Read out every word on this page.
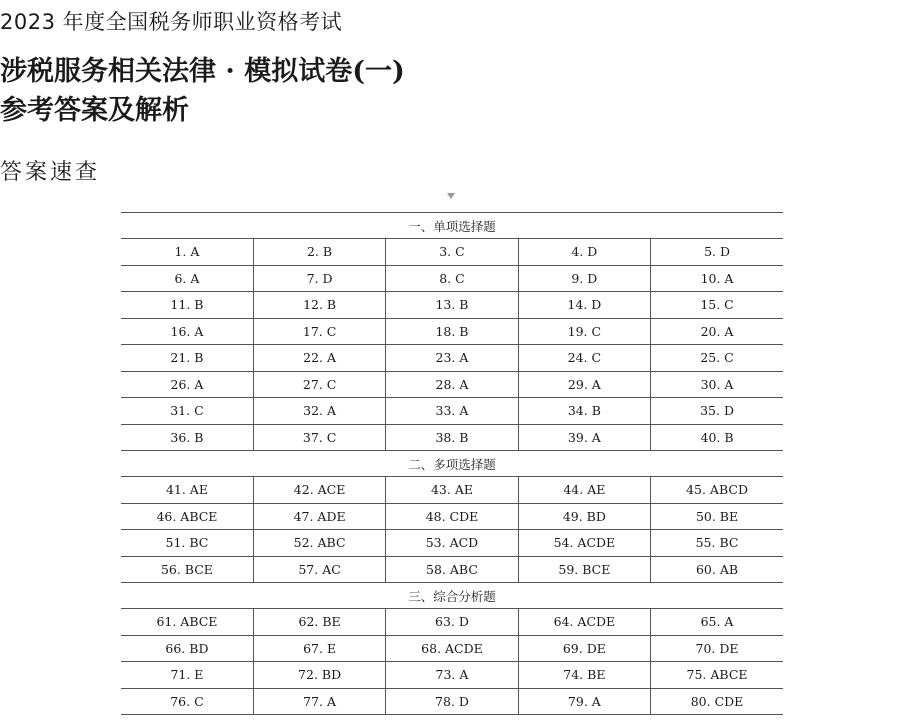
2023 年度全国税务师职业资格考试
涉税服务相关法律 · 模拟试卷(一)
参考答案及解析
答案速查
一、单项选择题				
1. A	2. B	3. C	4. D	5. D
6. A	7. D	8. C	9. D	10. A
11. B	12. B	13. B	14. D	15. C
16. A	17. C	18. B	19. C	20. A
21. B	22. A	23. A	24. C	25. C
26. A	27. C	28. A	29. A	30. A
31. C	32. A	33. A	34. B	35. D
36. B	37. C	38. B	39. A	40. B
二、多项选择题				
41. AE	42. ACE	43. AE	44. AE	45. ABCD
46. ABCE	47. ADE	48. CDE	49. BD	50. BE
51. BC	52. ABC	53. ACD	54. ACDE	55. BC
56. BCE	57. AC	58. ABC	59. BCE	60. AB
三、综合分析题				
61. ABCE	62. BE	63. D	64. ACDE	65. A
66. BD	67. E	68. ACDE	69. DE	70. DE
71. E	72. BD	73. A	74. BE	75. ABCE
76. C	77. A	78. D	79. A	80. CDE
